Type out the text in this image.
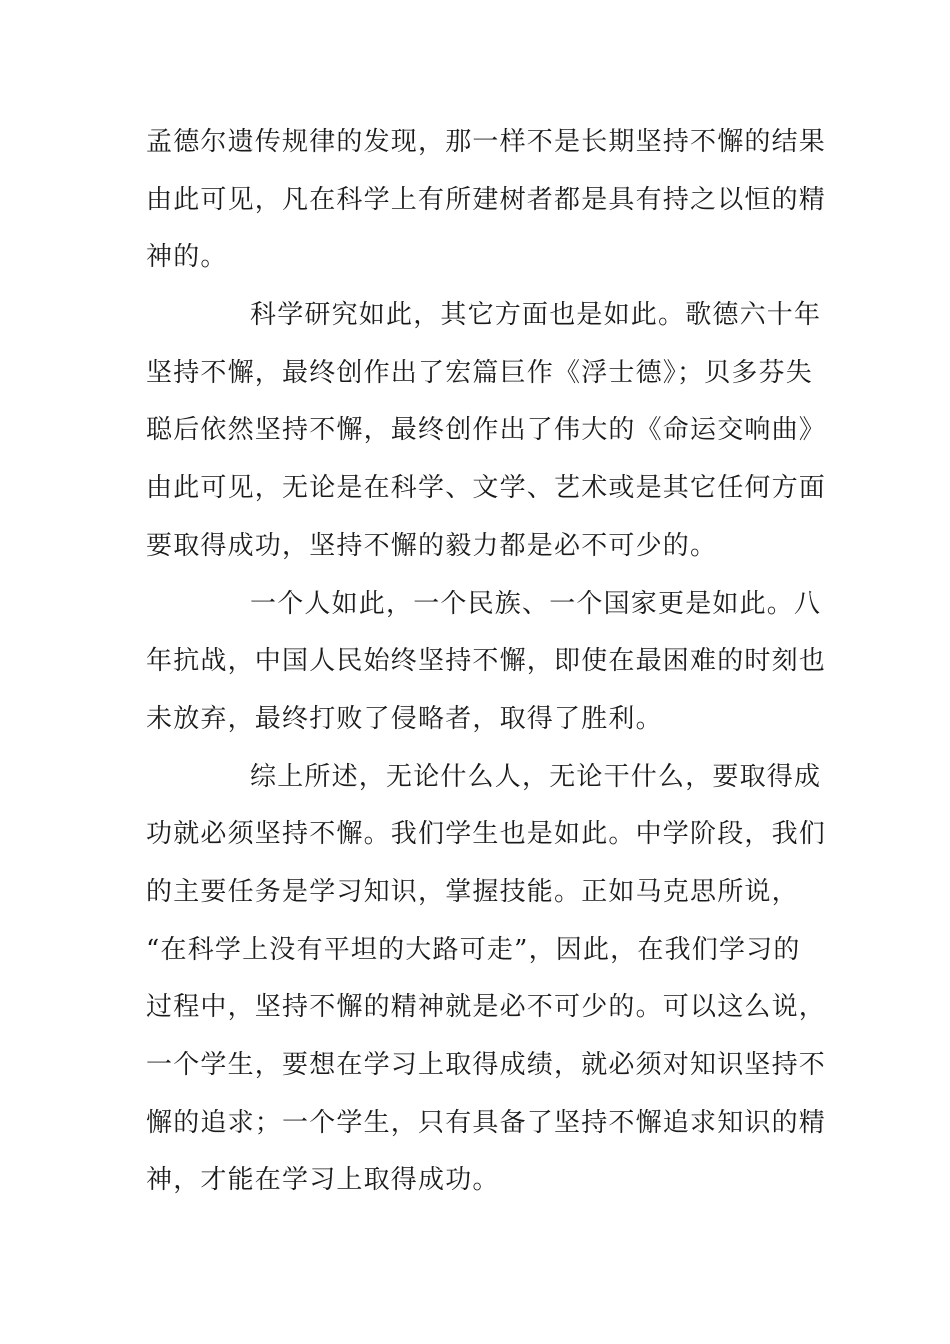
孟德尔遗传规律的发现，那一样不是长期坚持不懈的结果
由此可见，凡在科学上有所建树者都是具有持之以恒的精
神的。
科学研究如此，其它方面也是如此。歌德六十年
坚持不懈，最终创作出了宏篇巨作《浮士德》；贝多芬失
聪后依然坚持不懈，最终创作出了伟大的《命运交响曲》
由此可见，无论是在科学、文学、艺术或是其它任何方面
要取得成功，坚持不懈的毅力都是必不可少的。
一个人如此，一个民族、一个国家更是如此。八
年抗战，中国人民始终坚持不懈，即使在最困难的时刻也
未放弃，最终打败了侵略者，取得了胜利。
综上所述，无论什么人，无论干什么，要取得成
功就必须坚持不懈。我们学生也是如此。中学阶段，我们
的主要任务是学习知识，掌握技能。正如马克思所说，
“在科学上没有平坦的大路可走”，因此，在我们学习的
过程中，坚持不懈的精神就是必不可少的。可以这么说，
一个学生，要想在学习上取得成绩，就必须对知识坚持不
懈的追求；一个学生，只有具备了坚持不懈追求知识的精
神，才能在学习上取得成功。
